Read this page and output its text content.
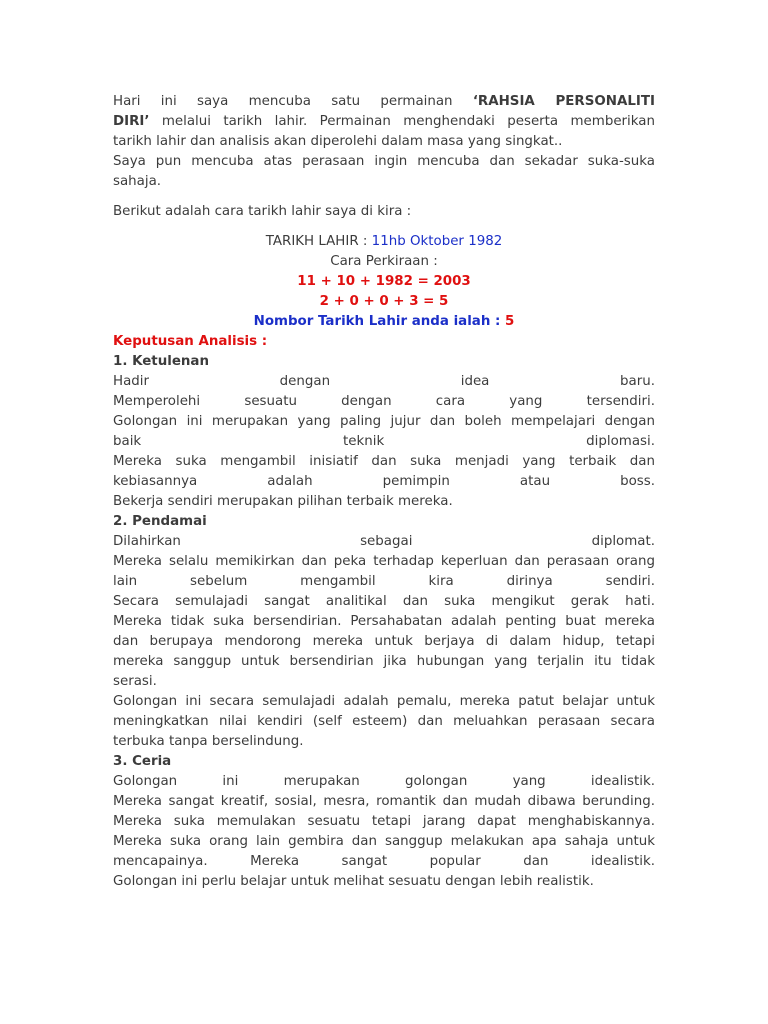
Hari ini saya mencuba satu permainan ‘RAHSIA PERSONALITI

DIRI’ melalui tarikh lahir. Permainan menghendaki peserta memberikan

tarikh lahir dan analisis akan diperolehi dalam masa yang singkat..

Saya pun mencuba atas perasaan ingin mencuba dan sekadar suka-suka

sahaja.

Berikut adalah cara tarikh lahir saya di kira :

TARIKH LAHIR : 11hb Oktober 1982

Cara Perkiraan :

11 + 10 + 1982 = 2003

2 + 0 + 0 + 3 = 5

Nombor Tarikh Lahir anda ialah : 5

Keputusan Analisis :

1. Ketulenan

Hadir dengan idea baru.

Memperolehi sesuatu dengan cara yang tersendiri.

Golongan ini merupakan yang paling jujur dan boleh mempelajari dengan

baik teknik diplomasi.

Mereka suka mengambil inisiatif dan suka menjadi yang terbaik dan

kebiasannya adalah pemimpin atau boss.

Bekerja sendiri merupakan pilihan terbaik mereka.

2. Pendamai

Dilahirkan sebagai diplomat.

Mereka selalu memikirkan dan peka terhadap keperluan dan perasaan orang

lain sebelum mengambil kira dirinya sendiri.

Secara semulajadi sangat analitikal dan suka mengikut gerak hati.

Mereka tidak suka bersendirian. Persahabatan adalah penting buat mereka

dan berupaya mendorong mereka untuk berjaya di dalam hidup, tetapi

mereka sanggup untuk bersendirian jika hubungan yang terjalin itu tidak

serasi.

Golongan ini secara semulajadi adalah pemalu, mereka patut belajar untuk

meningkatkan nilai kendiri (self esteem) dan meluahkan perasaan secara

terbuka tanpa berselindung.

3. Ceria

Golongan ini merupakan golongan yang idealistik.

Mereka sangat kreatif, sosial, mesra, romantik dan mudah dibawa berunding.

Mereka suka memulakan sesuatu tetapi jarang dapat menghabiskannya.

Mereka suka orang lain gembira dan sanggup melakukan apa sahaja untuk

mencapainya. Mereka sangat popular dan idealistik.

Golongan ini perlu belajar untuk melihat sesuatu dengan lebih realistik.
